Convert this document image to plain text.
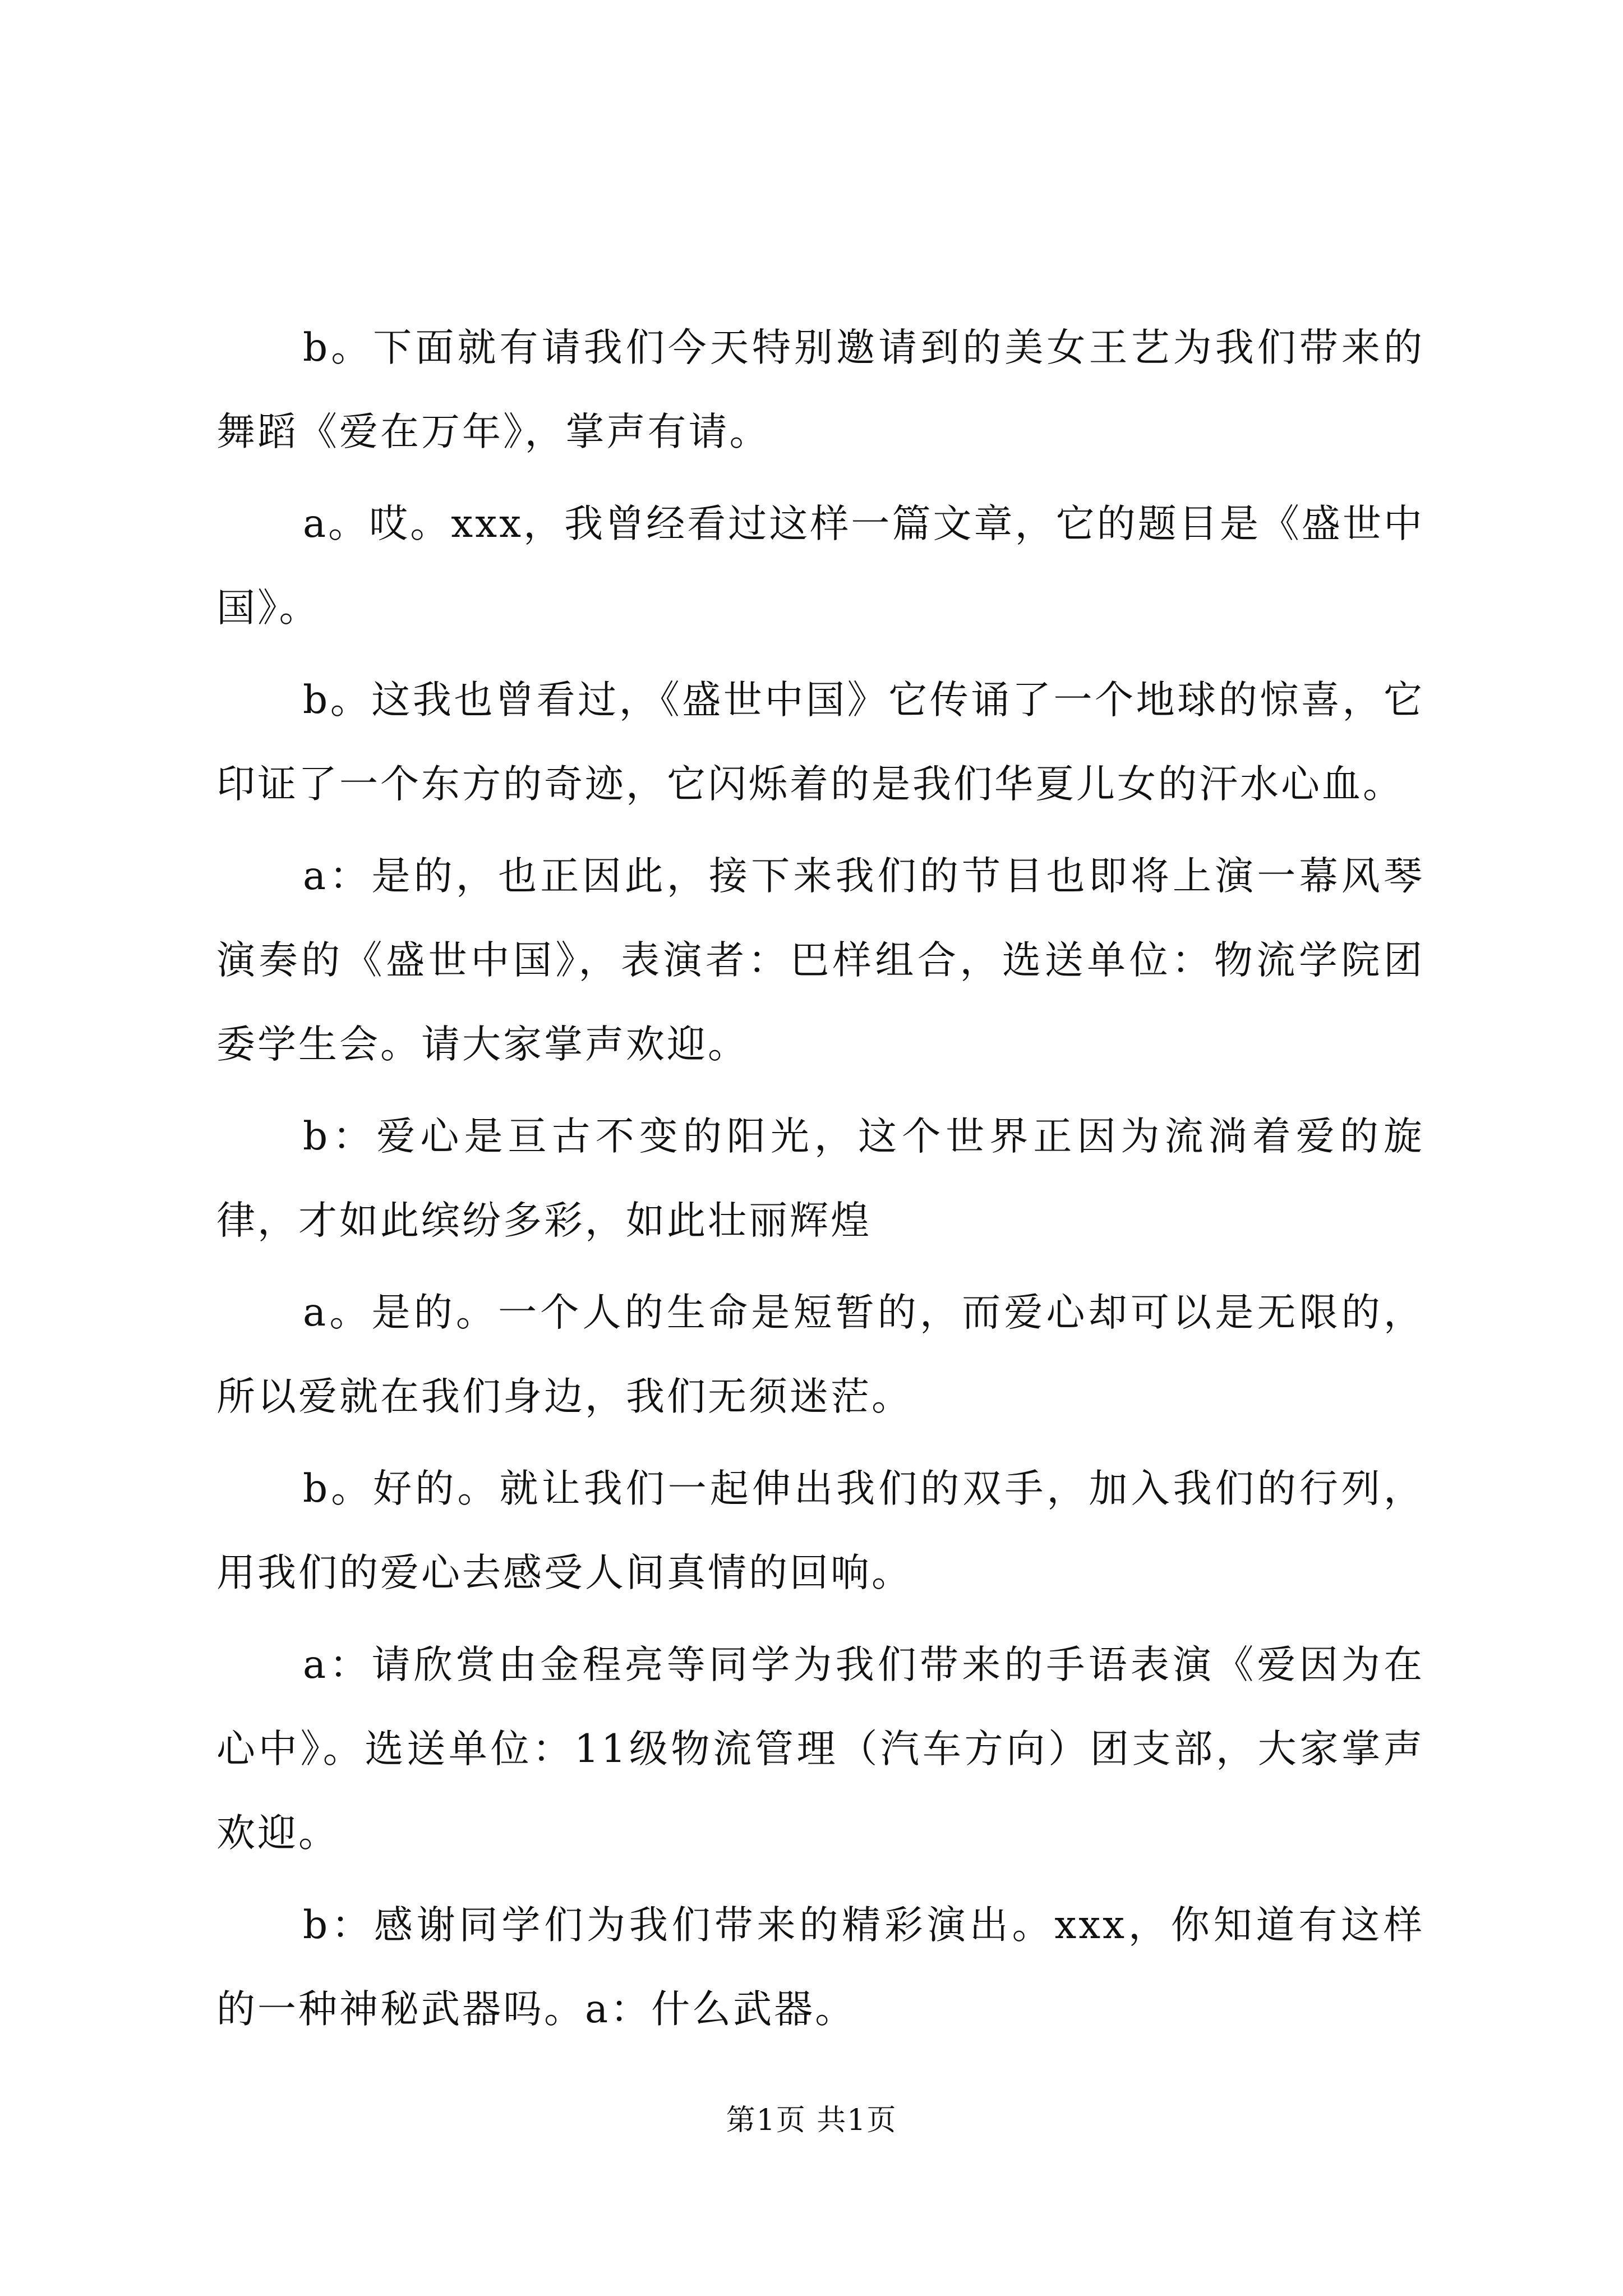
b。下面就有请我们今天特别邀请到的美女王艺为我们带来的舞蹈《爱在万年》，掌声有请。

a。哎。xxx，我曾经看过这样一篇文章，它的题目是《盛世中国》。

b。这我也曾看过，《盛世中国》它传诵了一个地球的惊喜，它印证了一个东方的奇迹，它闪烁着的是我们华夏儿女的汗水心血。

a：是的，也正因此，接下来我们的节目也即将上演一幕风琴演奏的《盛世中国》，表演者：巴样组合，选送单位：物流学院团委学生会。请大家掌声欢迎。

b：爱心是亘古不变的阳光，这个世界正因为流淌着爱的旋律，才如此缤纷多彩，如此壮丽辉煌

a。是的。一个人的生命是短暂的，而爱心却可以是无限的，所以爱就在我们身边，我们无须迷茫。

b。好的。就让我们一起伸出我们的双手，加入我们的行列，用我们的爱心去感受人间真情的回响。

a：请欣赏由金程亮等同学为我们带来的手语表演《爱因为在心中》。选送单位：11级物流管理（汽车方向）团支部，大家掌声欢迎。

b：感谢同学们为我们带来的精彩演出。xxx，你知道有这样的一种神秘武器吗。a：什么武器。

第1页 共1页
